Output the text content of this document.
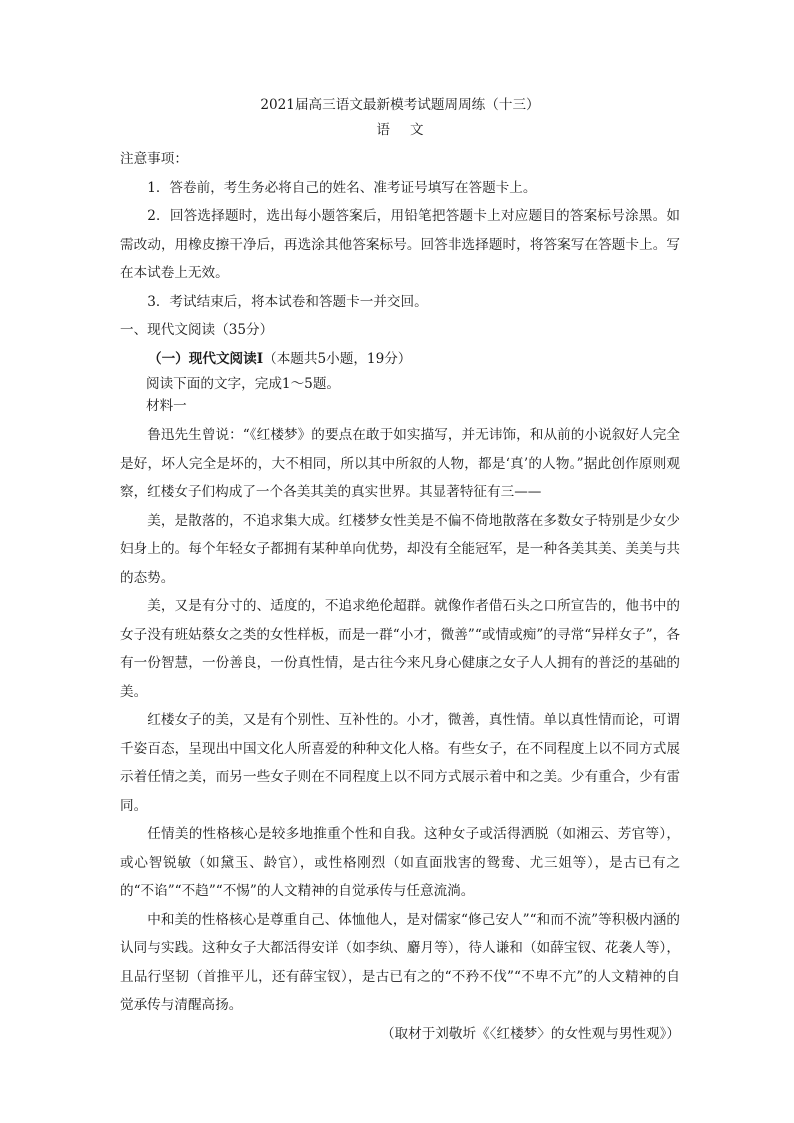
2021届高三语文最新模考试题周周练（十三）
语文
注意事项：

1．答卷前，考生务必将自己的姓名、准考证号填写在答题卡上。

2．回答选择题时，选出每小题答案后，用铅笔把答题卡上对应题目的答案标号涂黑。如需改动，用橡皮擦干净后，再选涂其他答案标号。回答非选择题时，将答案写在答题卡上。写在本试卷上无效。

3．考试结束后，将本试卷和答题卡一并交回。

一、现代文阅读（35分）
（一）现代文阅读Ⅰ（本题共5小题，19分）
阅读下面的文字，完成1～5题。
材料一

鲁迅先生曾说：“《红楼梦》的要点在敢于如实描写，并无讳饰，和从前的小说叙好人完全是好，坏人完全是坏的，大不相同，所以其中所叙的人物，都是‘真’的人物。”据此创作原则观察，红楼女子们构成了一个各美其美的真实世界。其显著特征有三——

美，是散落的，不追求集大成。红楼梦女性美是不偏不倚地散落在多数女子特别是少女少妇身上的。每个年轻女子都拥有某种单向优势，却没有全能冠军，是一种各美其美、美美与共的态势。

美，又是有分寸的、适度的，不追求绝伦超群。就像作者借石头之口所宣告的，他书中的女子没有班姑蔡女之类的女性样板，而是一群“小才，微善”“或情或痴”的寻常“异样女子”，各有一份智慧，一份善良，一份真性情，是古往今来凡身心健康之女子人人拥有的普泛的基础的美。

红楼女子的美，又是有个别性、互补性的。小才，微善，真性情。单以真性情而论，可谓千姿百态，呈现出中国文化人所喜爱的种种文化人格。有些女子，在不同程度上以不同方式展示着任情之美，而另一些女子则在不同程度上以不同方式展示着中和之美。少有重合，少有雷同。

任情美的性格核心是较多地推重个性和自我。这种女子或活得洒脱（如湘云、芳官等），或心智锐敏（如黛玉、龄官），或性格刚烈（如直面戕害的鸳鸯、尤三姐等），是古已有之的“不谄”“不趋”“不惕”的人文精神的自觉承传与任意流淌。

中和美的性格核心是尊重自己、体恤他人，是对儒家“修己安人”“和而不流”等积极内涵的认同与实践。这种女子大都活得安详（如李纨、麝月等），待人谦和（如薛宝钗、花袭人等），且品行坚韧（首推平儿，还有薛宝钗），是古已有之的“不矜不伐”“不卑不亢”的人文精神的自觉承传与清醒高扬。

（取材于刘敬圻《〈红楼梦〉的女性观与男性观》）
